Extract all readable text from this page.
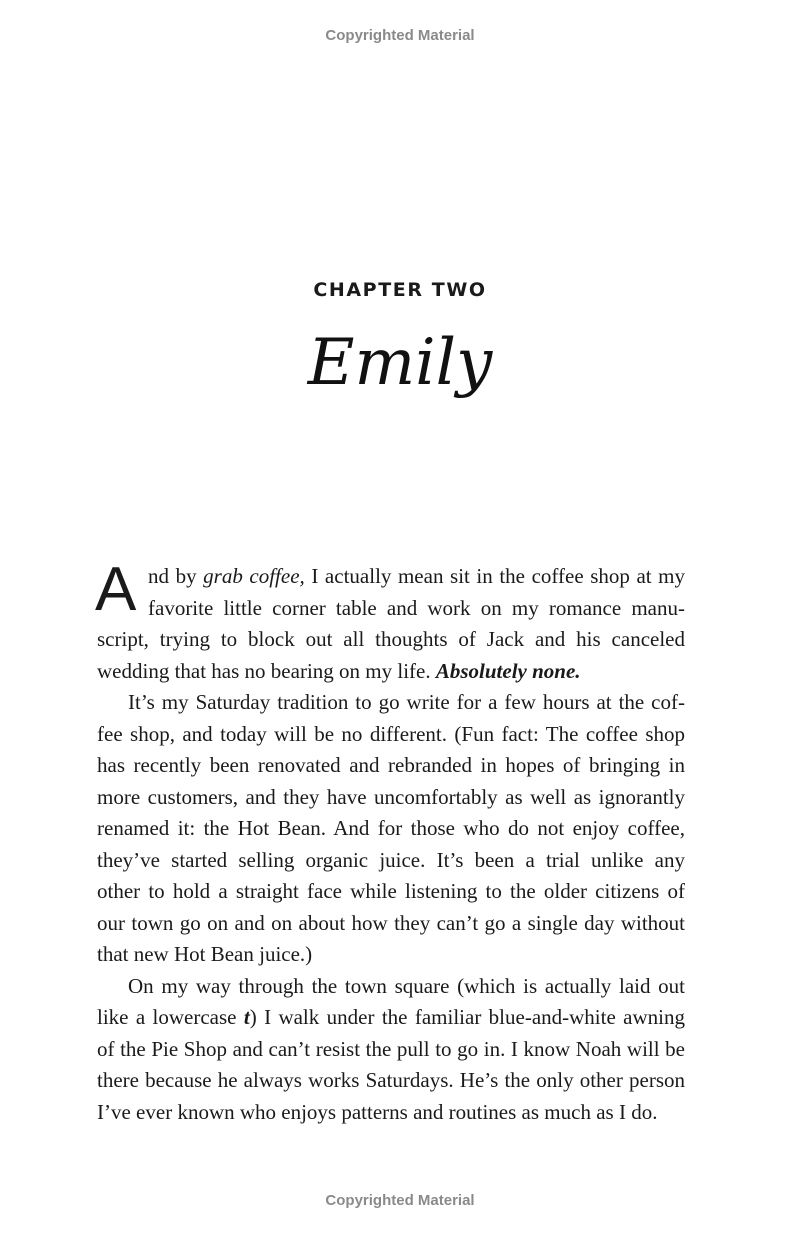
Copyrighted Material
CHAPTER TWO
Emily
A nd by grab coffee, I actually mean sit in the coffee shop at my
favorite little corner table and work on my romance manu-
script, trying to block out all thoughts of Jack and his canceled
wedding that has no bearing on my life. Absolutely none.
It’s my Saturday tradition to go write for a few hours at the cof-
fee shop, and today will be no different. (Fun fact: The coffee shop
has recently been renovated and rebranded in hopes of bringing in
more customers, and they have uncomfortably as well as ignorantly
renamed it: the Hot Bean. And for those who do not enjoy coffee,
they’ve started selling organic juice. It’s been a trial unlike any
other to hold a straight face while listening to the older citizens of
our town go on and on about how they can’t go a single day without
that new Hot Bean juice.)
On my way through the town square (which is actually laid out
like a lowercase t) I walk under the familiar blue-and-white awning
of the Pie Shop and can’t resist the pull to go in. I know Noah will be
there because he always works Saturdays. He’s the only other person
I’ve ever known who enjoys patterns and routines as much as I do.
Copyrighted Material
